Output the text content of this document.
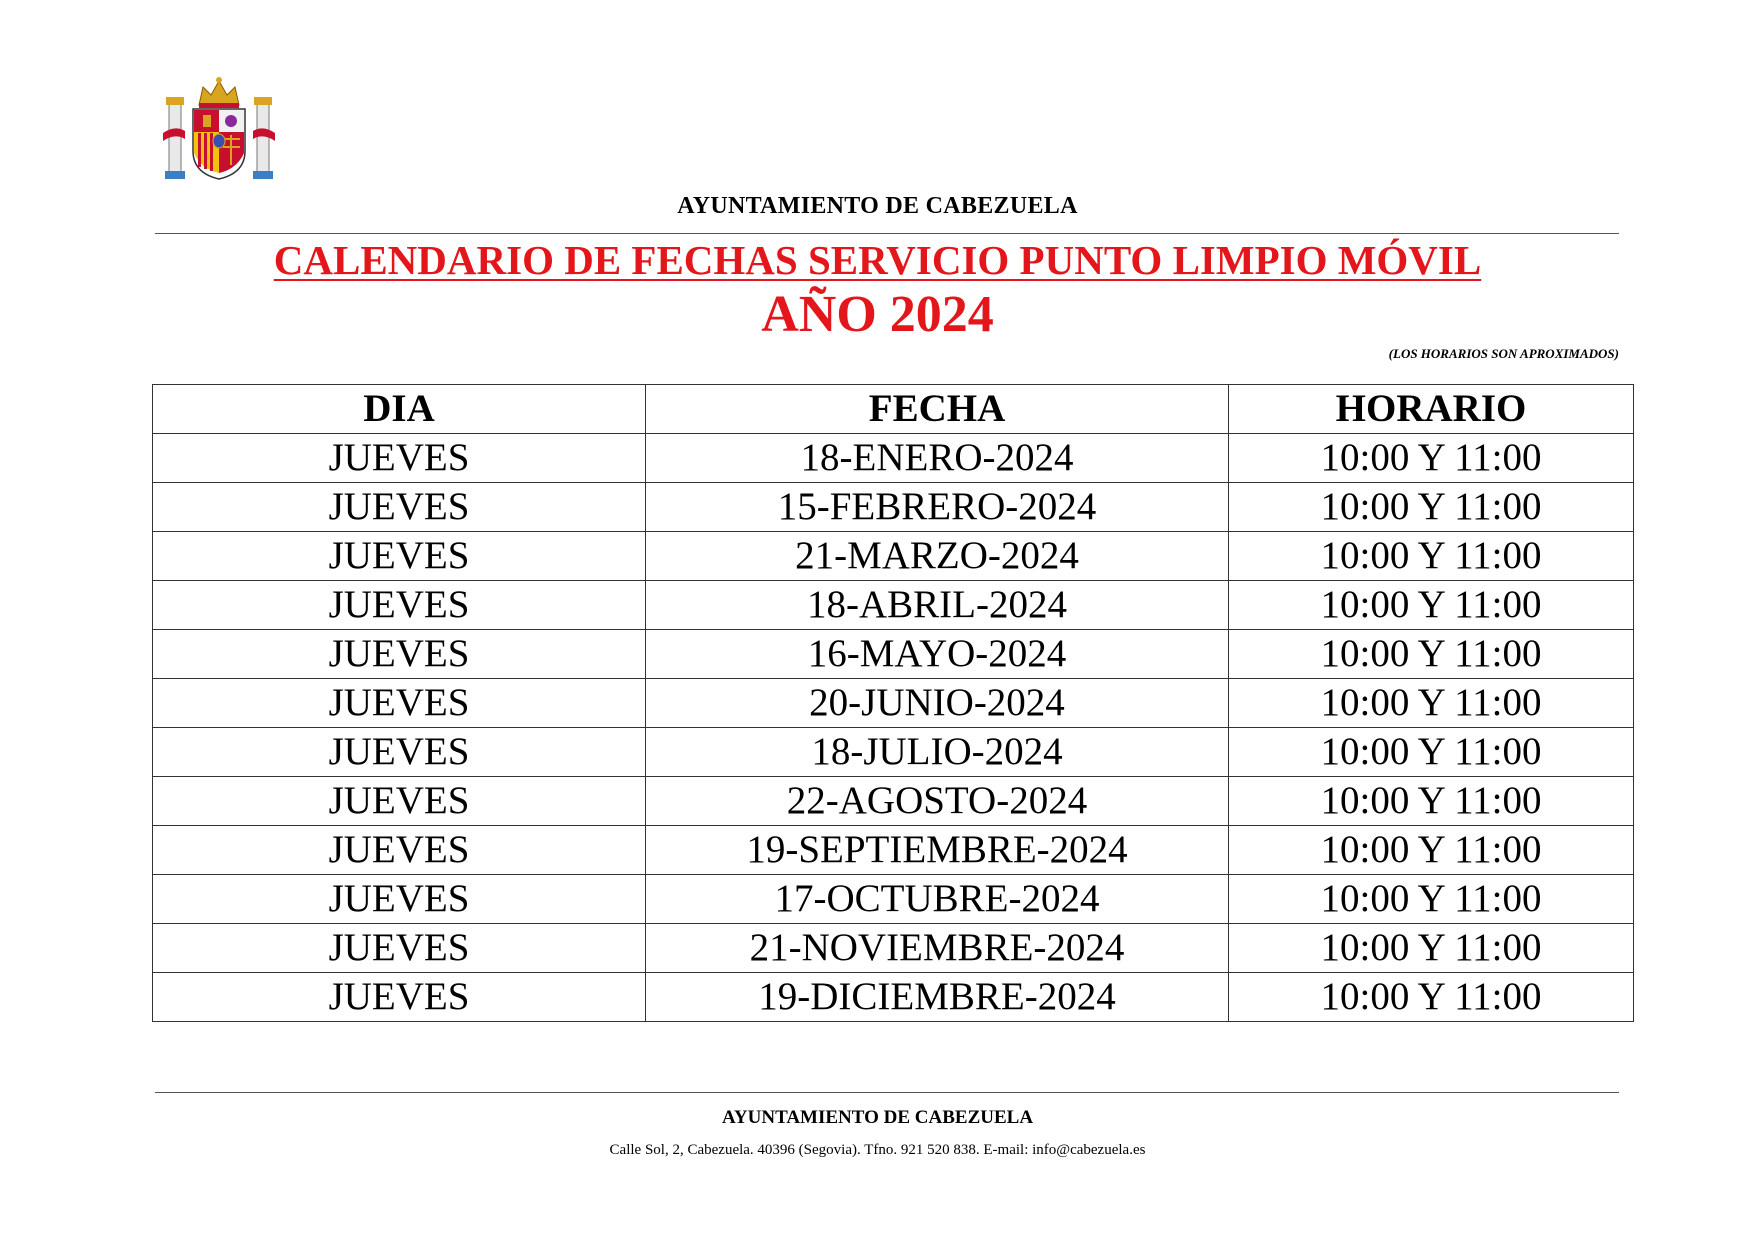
AYUNTAMIENTO DE CABEZUELA
CALENDARIO DE FECHAS SERVICIO PUNTO LIMPIO MÓVIL
AÑO 2024
(LOS HORARIOS SON APROXIMADOS)
DIA	FECHA	HORARIO
JUEVES	18-ENERO-2024	10:00 Y 11:00
JUEVES	15-FEBRERO-2024	10:00 Y 11:00
JUEVES	21-MARZO-2024	10:00 Y 11:00
JUEVES	18-ABRIL-2024	10:00 Y 11:00
JUEVES	16-MAYO-2024	10:00 Y 11:00
JUEVES	20-JUNIO-2024	10:00 Y 11:00
JUEVES	18-JULIO-2024	10:00 Y 11:00
JUEVES	22-AGOSTO-2024	10:00 Y 11:00
JUEVES	19-SEPTIEMBRE-2024	10:00 Y 11:00
JUEVES	17-OCTUBRE-2024	10:00 Y 11:00
JUEVES	21-NOVIEMBRE-2024	10:00 Y 11:00
JUEVES	19-DICIEMBRE-2024	10:00 Y 11:00
AYUNTAMIENTO DE CABEZUELA
Calle Sol, 2, Cabezuela. 40396 (Segovia). Tfno. 921 520 838. E-mail: info@cabezuela.es
